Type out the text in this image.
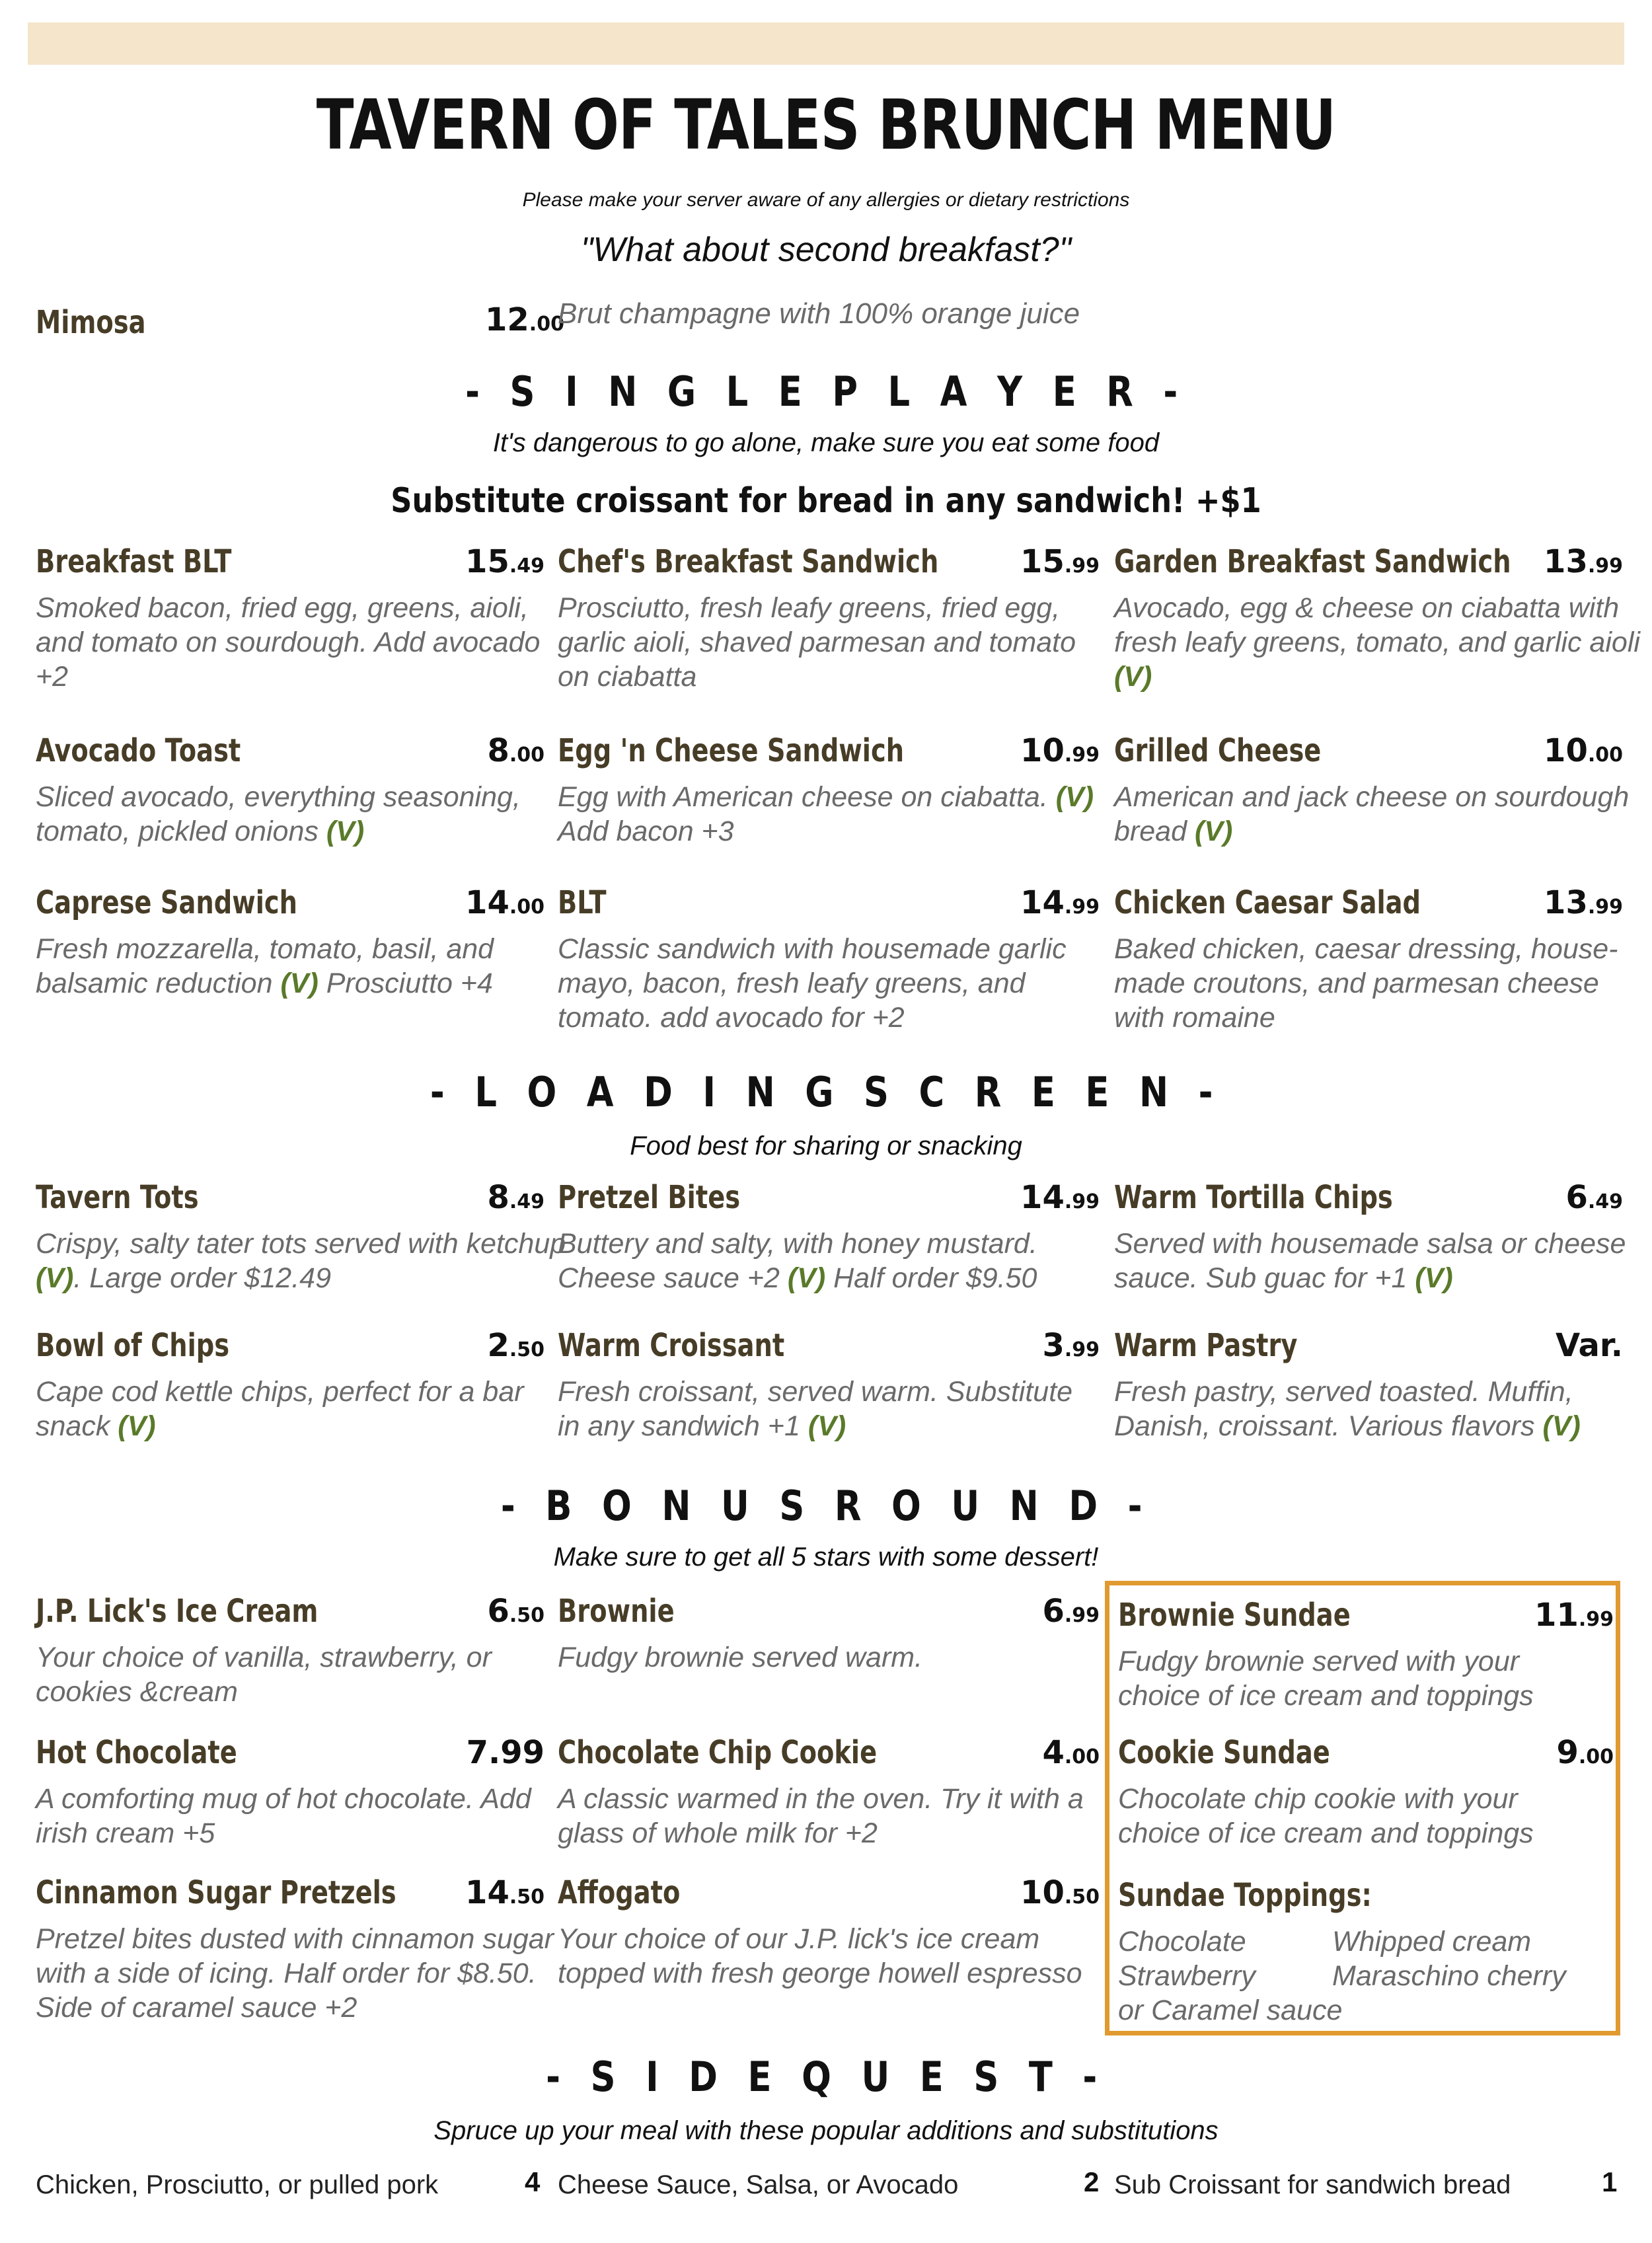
TAVERN OF TALES BRUNCH MENU
Please make your server aware of any allergies or dietary restrictions
"What about second breakfast?"
Mimosa	12.00
Brut champagne with 100% orange juice
- S I N G L E P L A Y E R -
It's dangerous to go alone, make sure you eat some food
Substitute croissant for bread in any sandwich! +$1
Breakfast BLT	15.49
Smoked bacon, fried egg, greens, aioli, and tomato on sourdough. Add avocado +2
Chef's Breakfast Sandwich	15.99
Prosciutto, fresh leafy greens, fried egg, garlic aioli, shaved parmesan and tomato on ciabatta
Garden Breakfast Sandwich 13.99
Avocado, egg & cheese on ciabatta with fresh leafy greens, tomato, and garlic aioli (V)
Avocado Toast	8.00
Sliced avocado, everything seasoning, tomato, pickled onions (V)
Egg 'n Cheese Sandwich	10.99
Egg with American cheese on ciabatta. (V) Add bacon +3
Grilled Cheese	10.00
American and jack cheese on sourdough bread (V)
Caprese Sandwich	14.00
Fresh mozzarella, tomato, basil, and balsamic reduction (V) Prosciutto +4
BLT	14.99
Classic sandwich with housemade garlic mayo, bacon, fresh leafy greens, and tomato. add avocado for +2
Chicken Caesar Salad	13.99
Baked chicken, caesar dressing, house-made croutons, and parmesan cheese with romaine
- L O A D I N G S C R E E N -
Food best for sharing or snacking
Tavern Tots	8.49
Crispy, salty tater tots served with ketchup (V). Large order $12.49
Pretzel Bites	14.99
Buttery and salty, with honey mustard. Cheese sauce +2 (V) Half order $9.50
Warm Tortilla Chips	6.49
Served with housemade salsa or cheese sauce. Sub guac for +1 (V)
Bowl of Chips	2.50
Cape cod kettle chips, perfect for a bar snack (V)
Warm Croissant	3.99
Fresh croissant, served warm. Substitute in any sandwich +1 (V)
Warm Pastry	Var.
Fresh pastry, served toasted. Muffin, Danish, croissant. Various flavors (V)
- B O N U S R O U N D -
Make sure to get all 5 stars with some dessert!
J.P. Lick's Ice Cream	6.50
Your choice of vanilla, strawberry, or cookies &cream
Brownie	6.99
Fudgy brownie served warm.
Brownie Sundae	11.99
Fudgy brownie served with your choice of ice cream and toppings
Hot Chocolate	7.99
A comforting mug of hot chocolate. Add irish cream +5
Chocolate Chip Cookie	4.00
A classic warmed in the oven. Try it with a glass of whole milk for +2
Cookie Sundae	9.00
Chocolate chip cookie with your choice of ice cream and toppings
Cinnamon Sugar Pretzels 14.50
Pretzel bites dusted with cinnamon sugar with a side of icing. Half order for $8.50. Side of caramel sauce +2
Affogato	10.50
Your choice of our J.P. lick's ice cream topped with fresh george howell espresso
Sundae Toppings:
Chocolate	Whipped cream
Strawberry	Maraschino cherry
or Caramel sauce
- S I D E Q U E S T -
Spruce up your meal with these popular additions and substitutions
Chicken, Prosciutto, or pulled pork	4 Cheese Sauce, Salsa, or Avocado	2 Sub Croissant for sandwich bread	1
